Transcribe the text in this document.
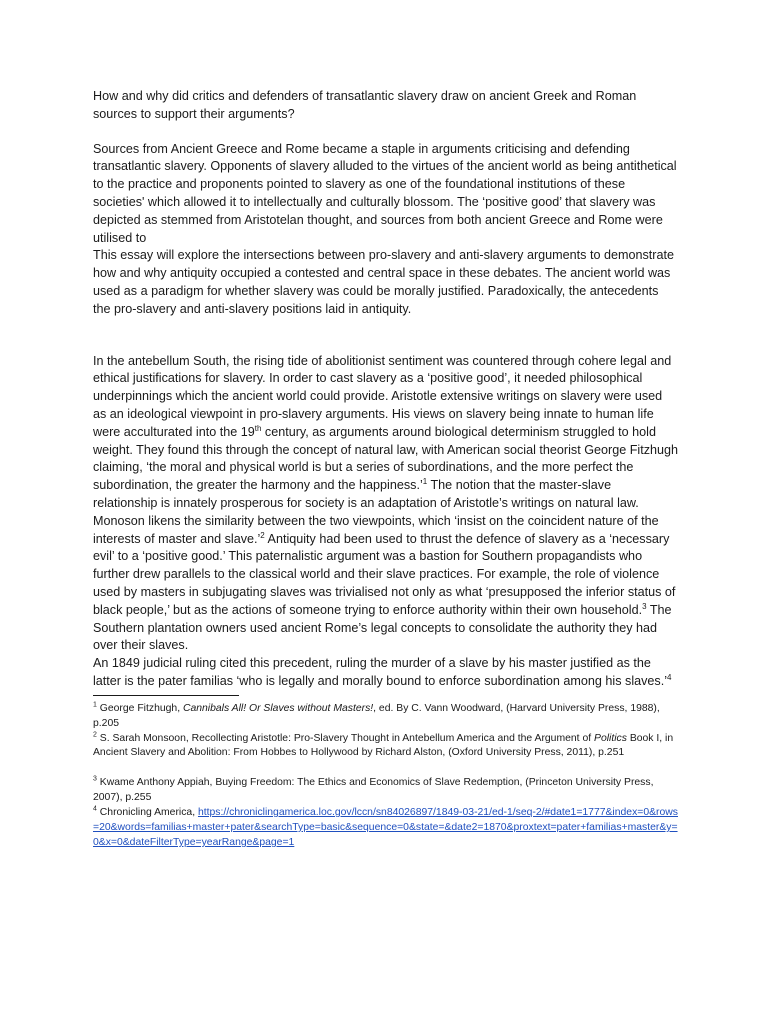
How and why did critics and defenders of transatlantic slavery draw on ancient Greek and Roman sources to support their arguments?

Sources from Ancient Greece and Rome became a staple in arguments criticising and defending transatlantic slavery. Opponents of slavery alluded to the virtues of the ancient world as being antithetical to the practice and proponents pointed to slavery as one of the foundational institutions of these societies' which allowed it to intellectually and culturally blossom. The ‘positive good’ that slavery was depicted as stemmed from Aristotelan thought, and sources from both ancient Greece and Rome were utilised to

This essay will explore the intersections between pro-slavery and anti-slavery arguments to demonstrate how and why antiquity occupied a contested and central space in these debates. The ancient world was used as a paradigm for whether slavery was could be morally justified. Paradoxically, the antecedents the pro-slavery and anti-slavery positions laid in antiquity.

In the antebellum South, the rising tide of abolitionist sentiment was countered through cohere legal and ethical justifications for slavery. In order to cast slavery as a ‘positive good’, it needed philosophical underpinnings which the ancient world could provide. Aristotle extensive writings on slavery were used as an ideological viewpoint in pro-slavery arguments. His views on slavery being innate to human life were acculturated into the 19th century, as arguments around biological determinism struggled to hold weight. They found this through the concept of natural law, with American social theorist George Fitzhugh claiming, ‘the moral and physical world is but a series of subordinations, and the more perfect the subordination, the greater the harmony and the happiness.’$^1$ The notion that the master-slave relationship is innately prosperous for society is an adaptation of Aristotle’s writings on natural law. Monoson likens the similarity between the two viewpoints, which ‘insist on the coincident nature of the interests of master and slave.’$^2$ Antiquity had been used to thrust the defence of slavery as a ‘necessary evil’ to a ‘positive good.’ This paternalistic argument was a bastion for Southern propagandists who further drew parallels to the classical world and their slave practices. For example, the role of violence used by masters in subjugating slaves was trivialised not only as what ‘presupposed the inferior status of black people,’ but as the actions of someone trying to enforce authority within their own household.$^3$ The Southern plantation owners used ancient Rome’s legal concepts to consolidate the authority they had over their slaves.

An 1849 judicial ruling cited this precedent, ruling the murder of a slave by his master justified as the latter is the pater familias ‘who is legally and morally bound to enforce subordination among his slaves.’$^4$

$^1$ George Fitzhugh, Cannibals All! Or Slaves without Masters!, ed. By C. Vann Woodward, (Harvard University Press, 1988), p.205

$^2$ S. Sarah Monsoon, Recollecting Aristotle: Pro-Slavery Thought in Antebellum America and the Argument of Politics Book I, in Ancient Slavery and Abolition: From Hobbes to Hollywood by Richard Alston, (Oxford University Press, 2011), p.251

$^3$ Kwame Anthony Appiah, Buying Freedom: The Ethics and Economics of Slave Redemption, (Princeton University Press, 2007), p.255

$^4$ Chronicling America, https://chroniclingamerica.loc.gov/lccn/sn84026897/1849-03-21/ed-1/seq-2/#date1=1777&index=0&rows=20&words=familias+master+pater&searchType=basic&sequence=0&state=&date2=1870&proxtext=pater+familias+master&y=0&x=0&dateFilterType=yearRange&page=1
